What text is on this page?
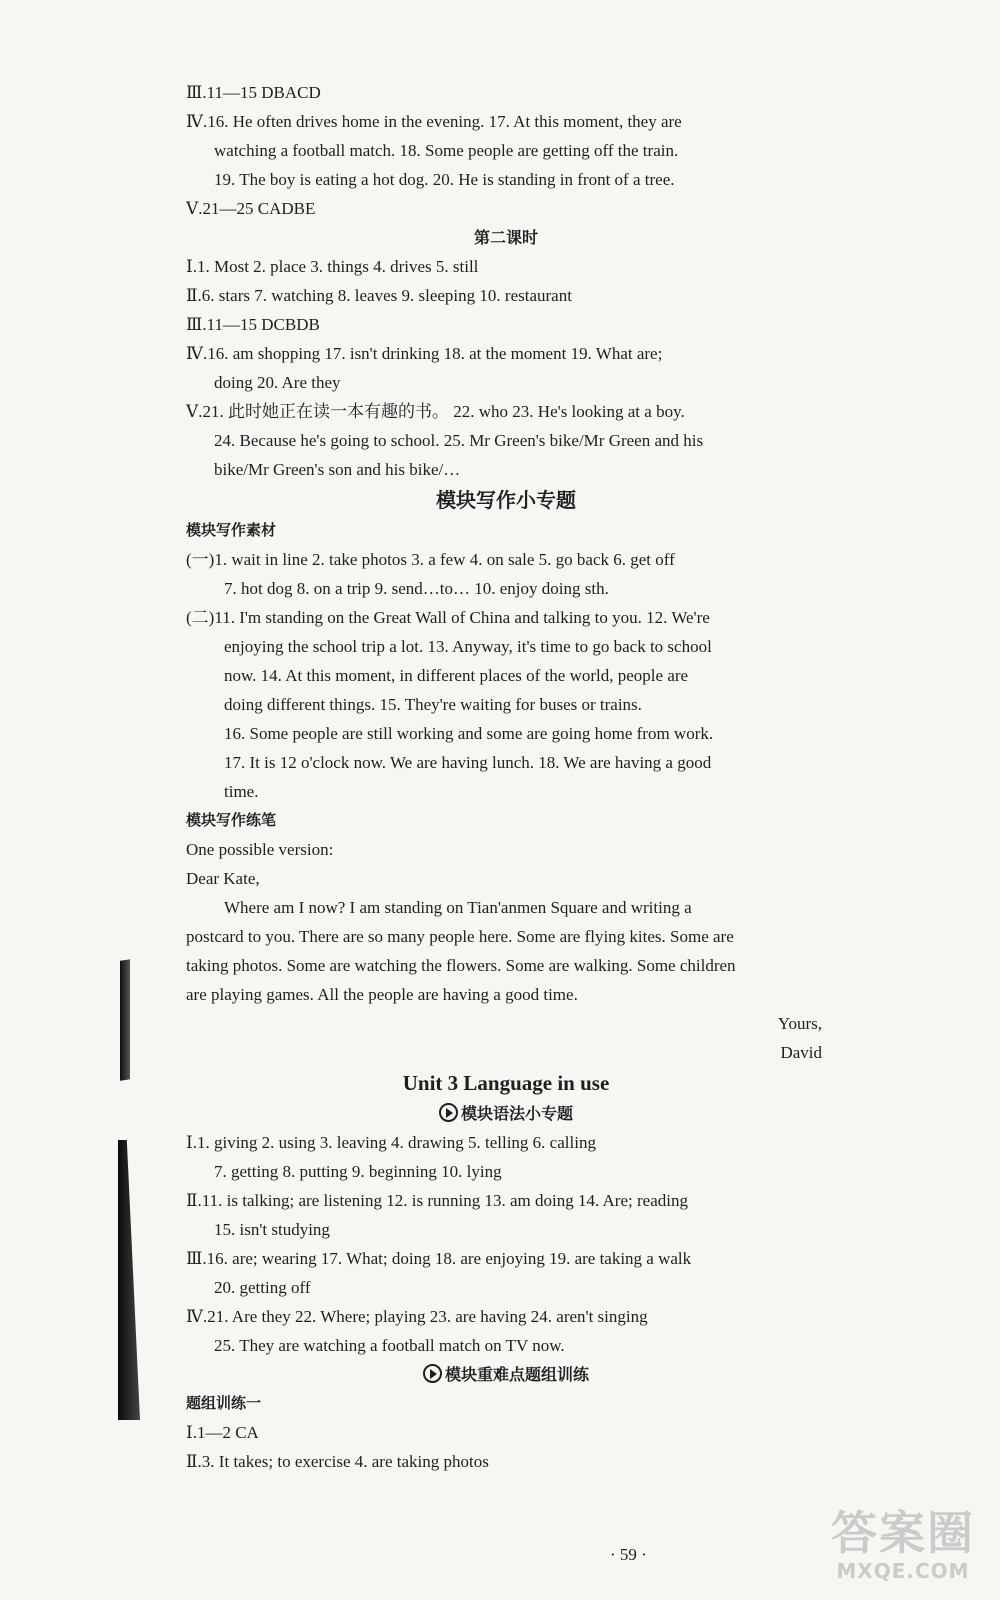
Ⅲ.11—15 DBACD
Ⅳ.16. He often drives home in the evening. 17. At this moment, they are
watching a football match. 18. Some people are getting off the train.
19. The boy is eating a hot dog. 20. He is standing in front of a tree.
Ⅴ.21—25 CADBE
第二课时
Ⅰ.1. Most 2. place 3. things 4. drives 5. still
Ⅱ.6. stars 7. watching 8. leaves 9. sleeping 10. restaurant
Ⅲ.11—15 DCBDB
Ⅳ.16. am shopping 17. isn't drinking 18. at the moment 19. What are;
doing 20. Are they
Ⅴ.21. 此时她正在读一本有趣的书。 22. who 23. He's looking at a boy.
24. Because he's going to school. 25. Mr Green's bike/Mr Green and his
bike/Mr Green's son and his bike/…
模块写作小专题
模块写作素材
(一)1. wait in line 2. take photos 3. a few 4. on sale 5. go back 6. get off
7. hot dog 8. on a trip 9. send…to… 10. enjoy doing sth.
(二)11. I'm standing on the Great Wall of China and talking to you. 12. We're
enjoying the school trip a lot. 13. Anyway, it's time to go back to school
now. 14. At this moment, in different places of the world, people are
doing different things. 15. They're waiting for buses or trains.
16. Some people are still working and some are going home from work.
17. It is 12 o'clock now. We are having lunch. 18. We are having a good
time.
模块写作练笔
One possible version:
Dear Kate,
Where am I now? I am standing on Tian'anmen Square and writing a
postcard to you. There are so many people here. Some are flying kites. Some are
taking photos. Some are watching the flowers. Some are walking. Some children
are playing games. All the people are having a good time.
Yours,
David
Unit 3 Language in use
模块语法小专题
Ⅰ.1. giving 2. using 3. leaving 4. drawing 5. telling 6. calling
7. getting 8. putting 9. beginning 10. lying
Ⅱ.11. is talking; are listening 12. is running 13. am doing 14. Are; reading
15. isn't studying
Ⅲ.16. are; wearing 17. What; doing 18. are enjoying 19. are taking a walk
20. getting off
Ⅳ.21. Are they 22. Where; playing 23. are having 24. aren't singing
25. They are watching a football match on TV now.
模块重难点题组训练
题组训练一
Ⅰ.1—2 CA
Ⅱ.3. It takes; to exercise 4. are taking photos
· 59 ·	答案圈
MXQE.COM
